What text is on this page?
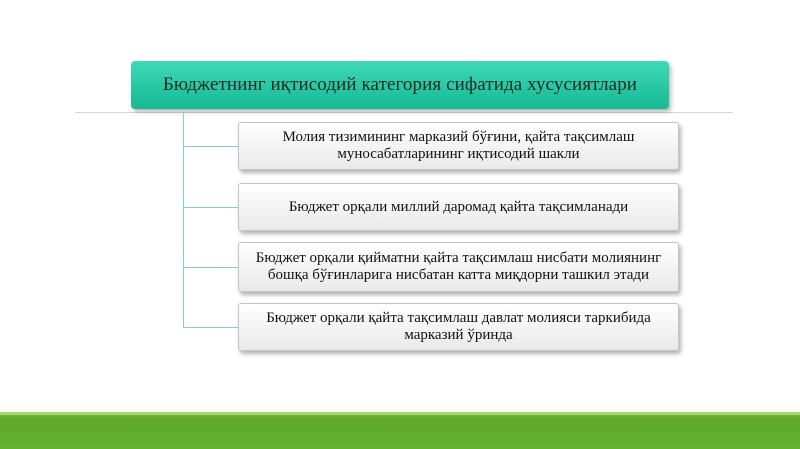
Бюджетнинг иқтисодий категория сифатида хусусиятлари
Молия тизимининг марказий бўғини, қайта тақсимлаш муносабатларининг иқтисодий шакли
Бюджет орқали миллий даромад қайта тақсимланади
Бюджет орқали қийматни қайта тақсимлаш нисбати молиянинг бошқа бўғинларига нисбатан катта миқдорни ташкил этади
Бюджет орқали қайта тақсимлаш давлат молияси таркибида марказий ўринда
